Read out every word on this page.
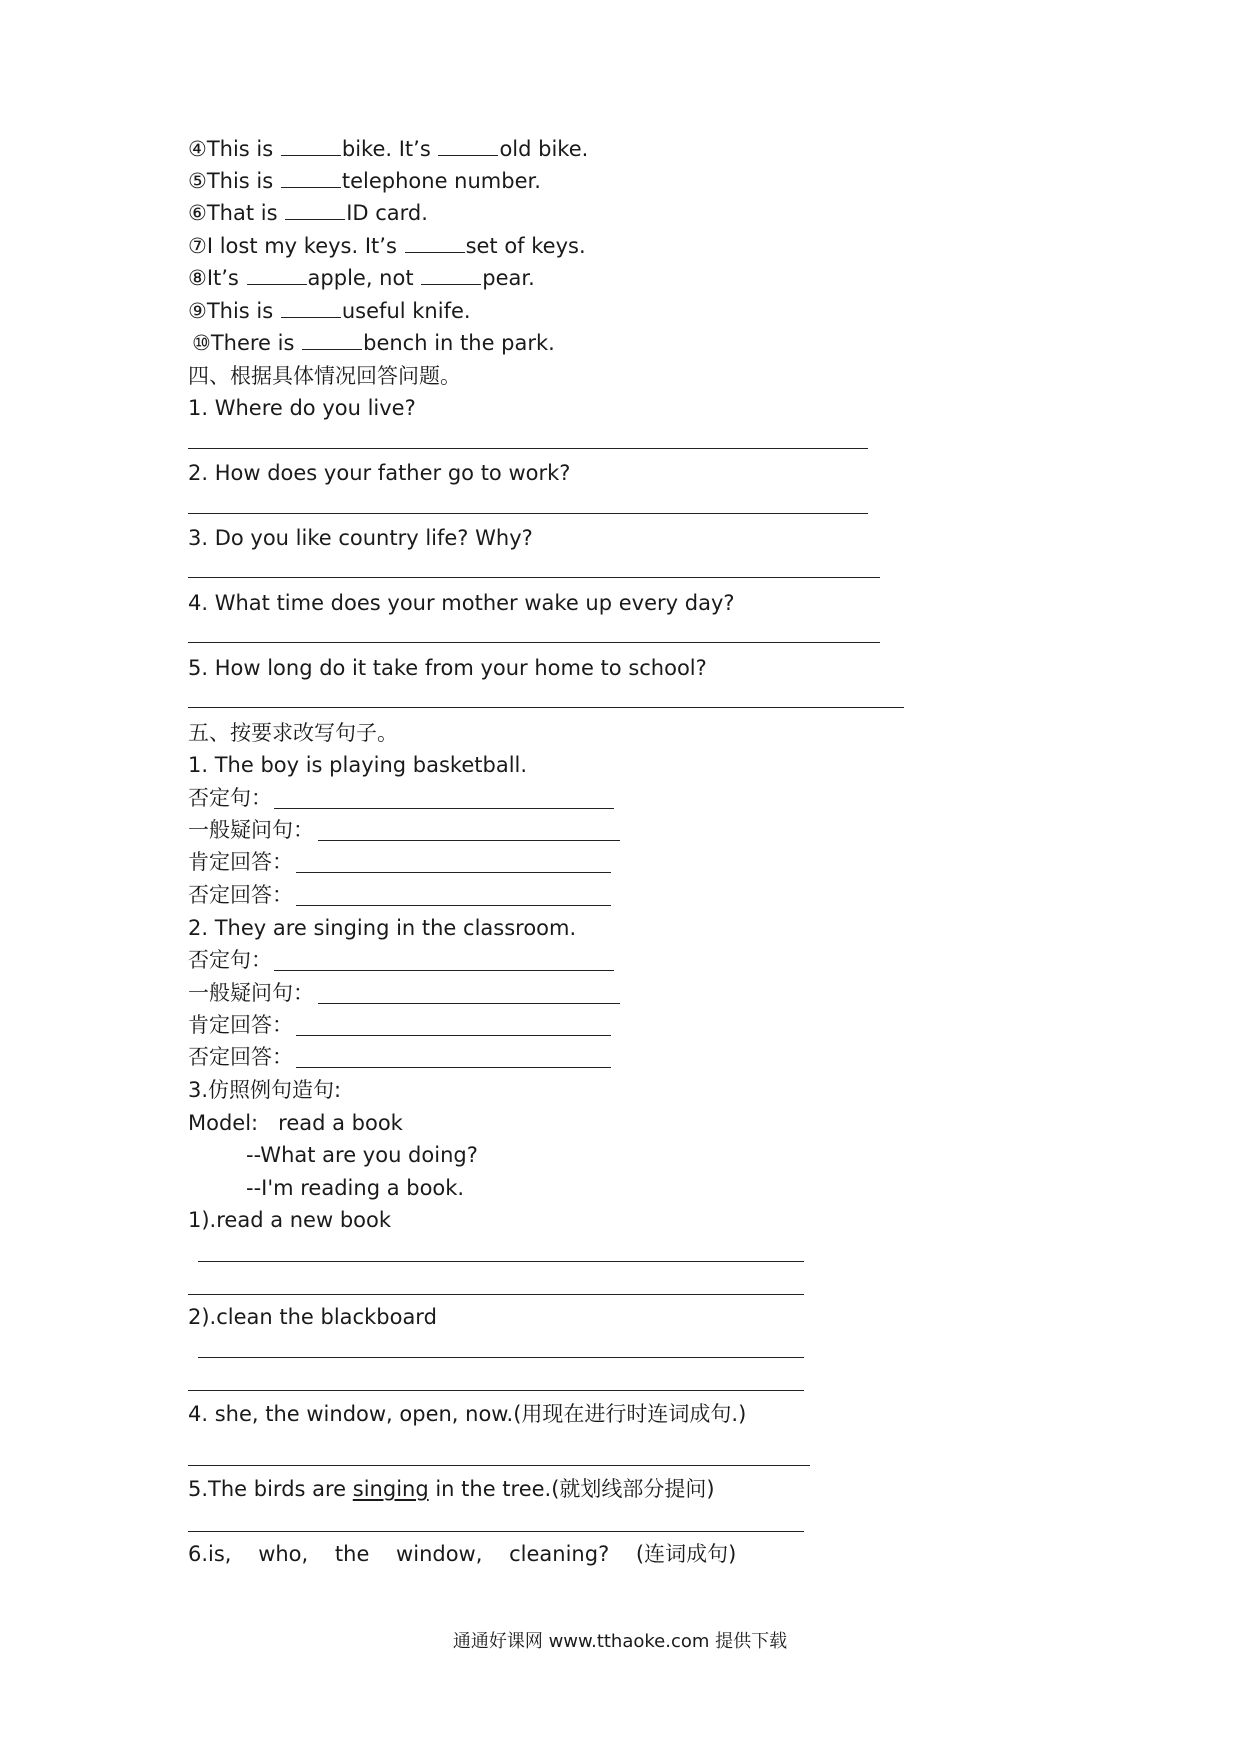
④This is	bike. It’s	old bike.
⑤This is	telephone number.
⑥That is	ID card.
⑦I lost my keys. It’s	set of keys.
⑧It’s	apple, not	pear.
⑨This is	useful knife.
⑩There is	bench in the park.
四、根据具体情况回答问题。
1. Where do you live?
2. How does your father go to work?
3. Do you like country life? Why?
4. What time does your mother wake up every day?
5. How long do it take from your home to school?
五、按要求改写句子。
1. The boy is playing basketball.
否定句：
一般疑问句：
肯定回答：
否定回答：
2. They are singing in the classroom.
否定句：
一般疑问句：
肯定回答：
否定回答：
3.仿照例句造句:
Model: read a book
--What are you doing?
--I'm reading a book.
1).read a new book
2).clean the blackboard
4. she, the window, open, now.(用现在进行时连词成句.)
5.The birds are singing in the tree.(就划线部分提问)
6.is,    who,    the    window,    cleaning?    (连词成句)
通通好课网 www.tthaoke.com 提供下载
